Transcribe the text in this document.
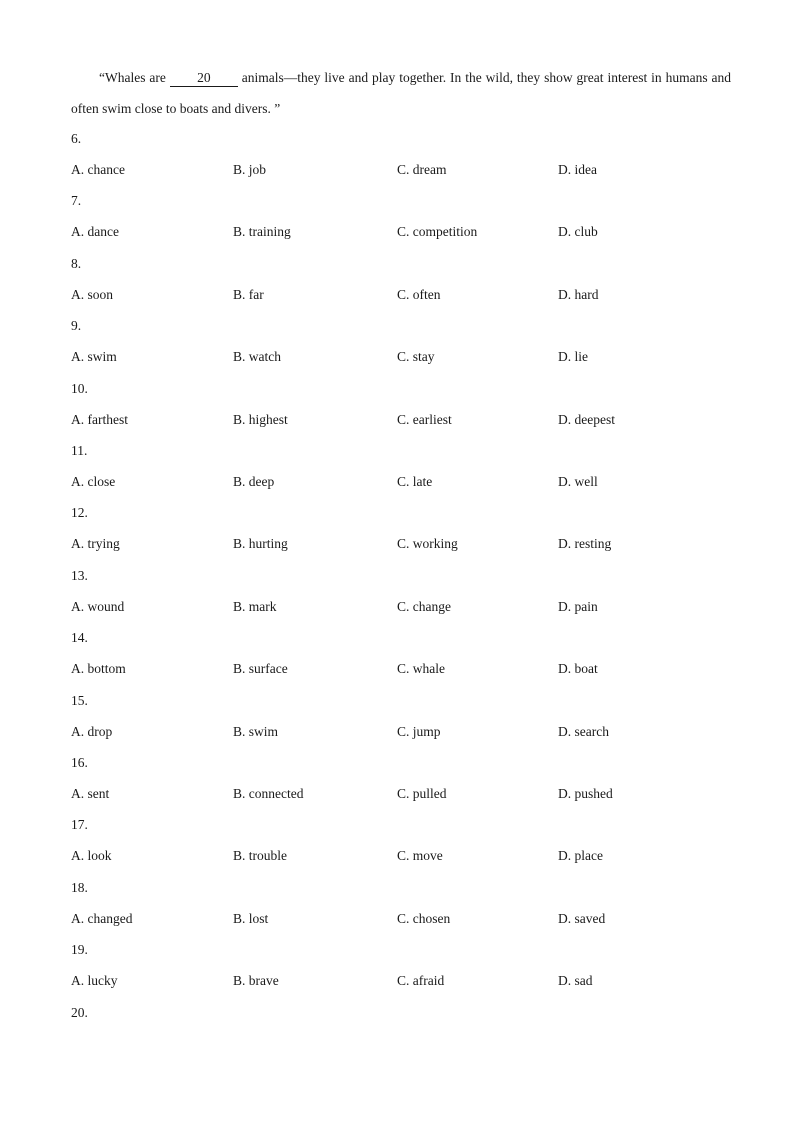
“Whales are 20 animals—they live and play together. In the wild, they show great interest in humans and often swim close to boats and divers. ”

6.
A. chance	B. job	C. dream	D. idea
7.
A. dance	B. training	C. competition	D. club
8.
A. soon	B. far	C. often	D. hard
9.
A. swim	B. watch	C. stay	D. lie
10.
A. farthest	B. highest	C. earliest	D. deepest
11.
A. close	B. deep	C. late	D. well
12.
A. trying	B. hurting	C. working	D. resting
13.
A. wound	B. mark	C. change	D. pain
14.
A. bottom	B. surface	C. whale	D. boat
15.
A. drop	B. swim	C. jump	D. search
16.
A. sent	B. connected	C. pulled	D. pushed
17.
A. look	B. trouble	C. move	D. place
18.
A. changed	B. lost	C. chosen	D. saved
19.
A. lucky	B. brave	C. afraid	D. sad
20.
